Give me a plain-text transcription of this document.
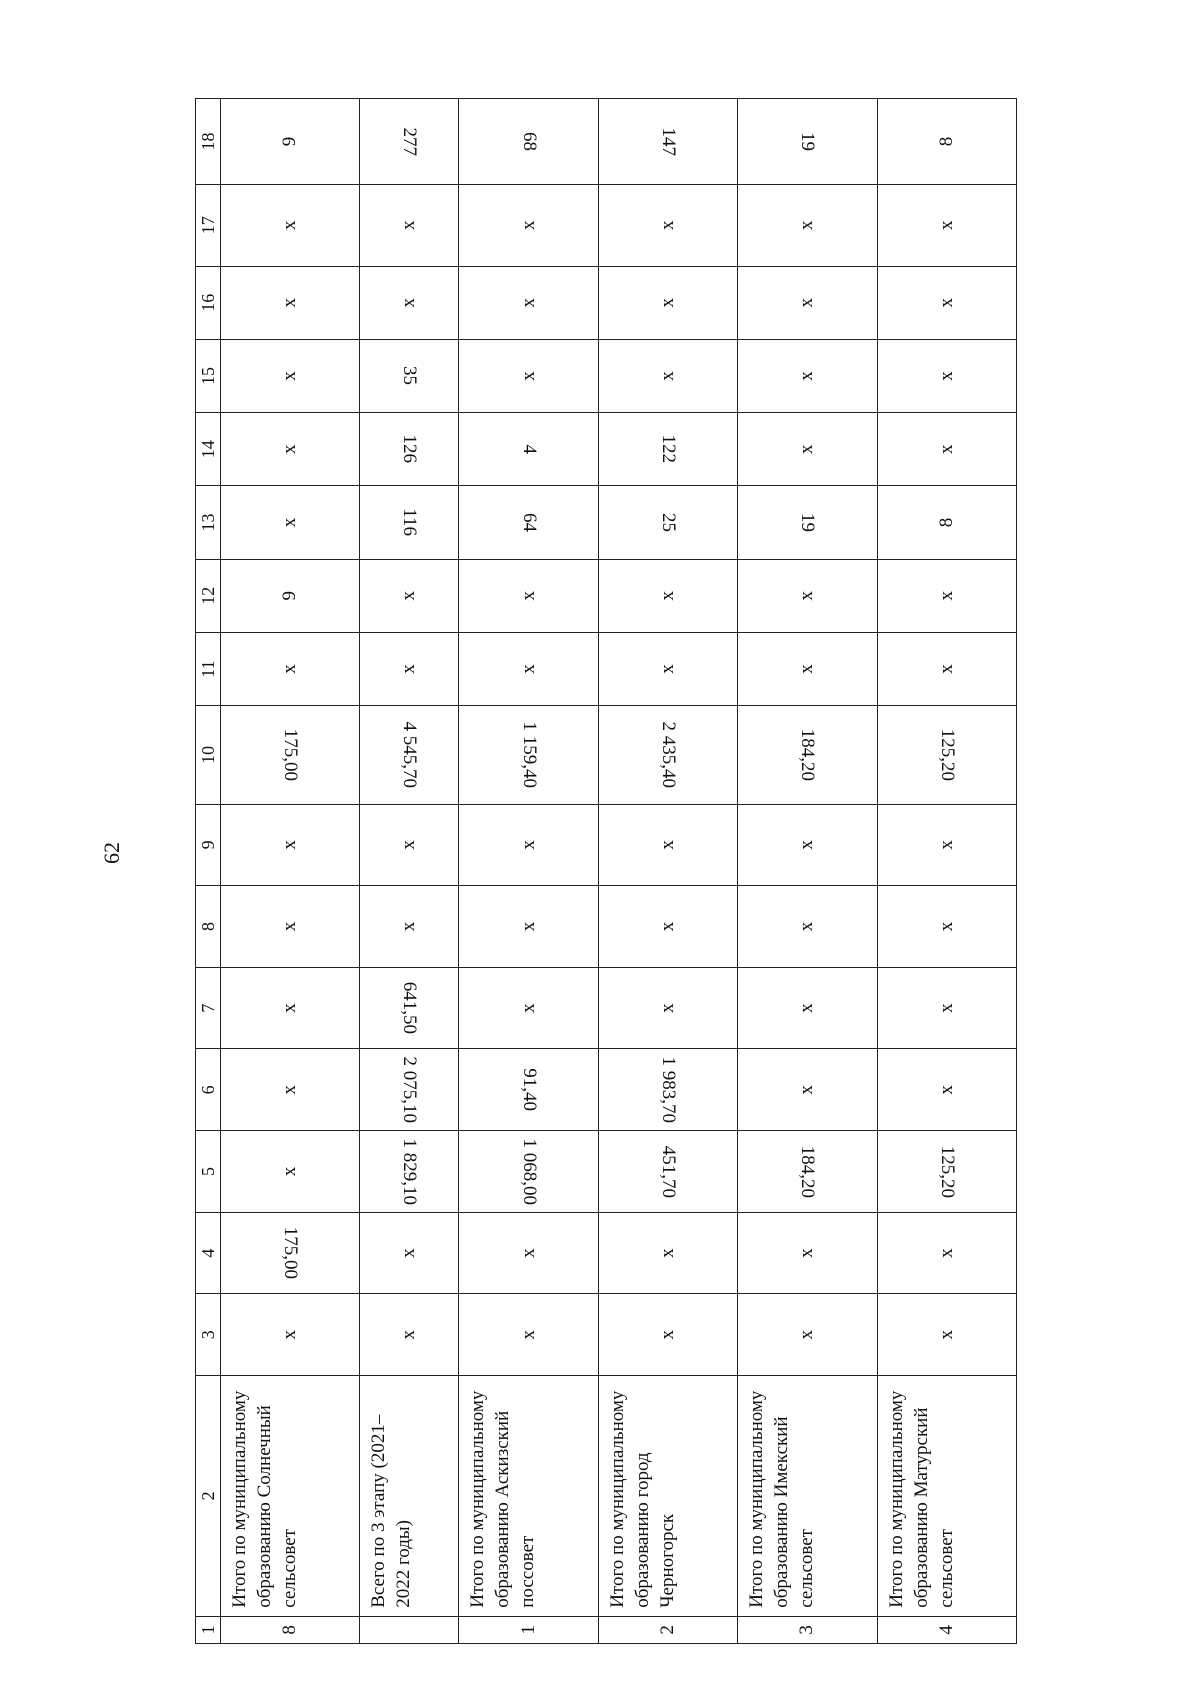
62
1	2	3	4	5	6	7	8	9	10	11	12	13	14	15	16	17	18
8	Итого по муниципальному образованию Солнечный сельсовет	x	175,00	x	x	x	x	x	175,00	x	9	x	x	x	x	x	9
	Всего по 3 этапу (2021–2022 годы)	x	x	1 829,10	2 075,10	641,50	x	x	4 545,70	x	x	116	126	35	x	x	277
1	Итого по муниципальному образованию Аскизский поссовет	x	x	1 068,00	91,40	x	x	x	1 159,40	x	x	64	4	x	x	x	68
2	Итого по муниципальному образованию город Черногорск	x	x	451,70	1 983,70	x	x	x	2 435,40	x	x	25	122	x	x	x	147
3	Итого по муниципальному образованию Имекский сельсовет	x	x	184,20	x	x	x	x	184,20	x	x	19	x	x	x	x	19
4	Итого по муниципальному образованию Матурский сельсовет	x	x	125,20	x	x	x	x	125,20	x	x	8	x	x	x	x	8
